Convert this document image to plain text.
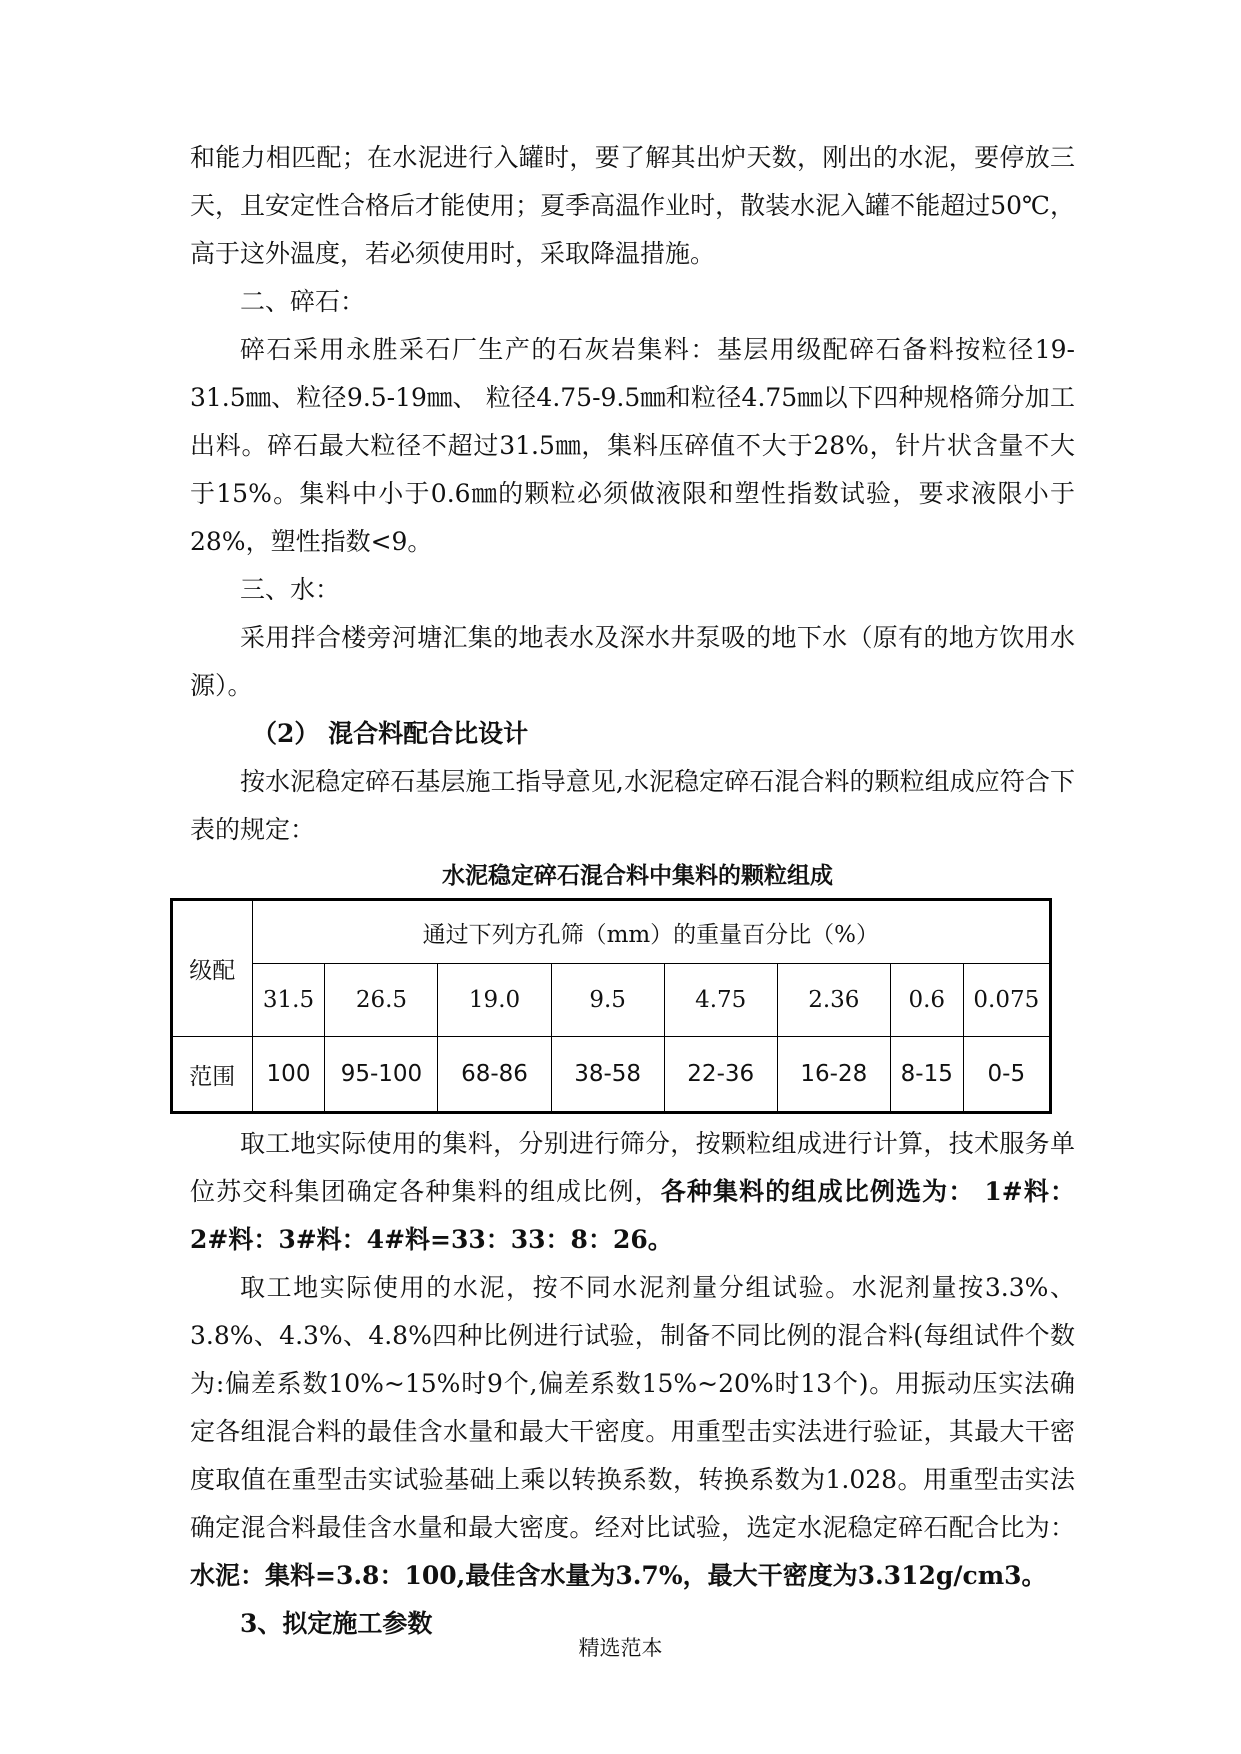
和能力相匹配；在水泥进行入罐时，要了解其出炉天数，刚出的水泥，要停放三天，且安定性合格后才能使用；夏季高温作业时，散装水泥入罐不能超过50℃，高于这外温度，若必须使用时，采取降温措施。

二、碎石：

碎石采用永胜采石厂生产的石灰岩集料：基层用级配碎石备料按粒径19-31.5㎜、粒径9.5-19㎜、 粒径4.75-9.5㎜和粒径4.75㎜以下四种规格筛分加工出料。碎石最大粒径不超过31.5㎜，集料压碎值不大于28%，针片状含量不大于15%。集料中小于0.6㎜的颗粒必须做液限和塑性指数试验，要求液限小于28%，塑性指数<9。

三、水：

采用拌合楼旁河塘汇集的地表水及深水井泵吸的地下水（原有的地方饮用水源）。

（2） 混合料配合比设计

按水泥稳定碎石基层施工指导意见,水泥稳定碎石混合料的颗粒组成应符合下表的规定：

水泥稳定碎石混合料中集料的颗粒组成

级配	通过下列方孔筛（mm）的重量百分比（%）							
	31.5	26.5	19.0	9.5	4.75	2.36	0.6	0.075
范围	100	95-100	68-86	38-58	22-36	16-28	8-15	0-5

取工地实际使用的集料，分别进行筛分，按颗粒组成进行计算，技术服务单位苏交科集团确定各种集料的组成比例，各种集料的组成比例选为： 1#料：2#料：3#料：4#料=33：33：8：26。

取工地实际使用的水泥，按不同水泥剂量分组试验。水泥剂量按3.3%、3.8%、4.3%、4.8%四种比例进行试验，制备不同比例的混合料(每组试件个数为:偏差系数10%~15%时9个,偏差系数15%~20%时13个)。用振动压实法确定各组混合料的最佳含水量和最大干密度。用重型击实法进行验证，其最大干密度取值在重型击实试验基础上乘以转换系数，转换系数为1.028。用重型击实法确定混合料最佳含水量和最大密度。经对比试验，选定水泥稳定碎石配合比为：水泥：集料=3.8：100,最佳含水量为3.7%，最大干密度为3.312g/cm3。

3、拟定施工参数

精选范本
